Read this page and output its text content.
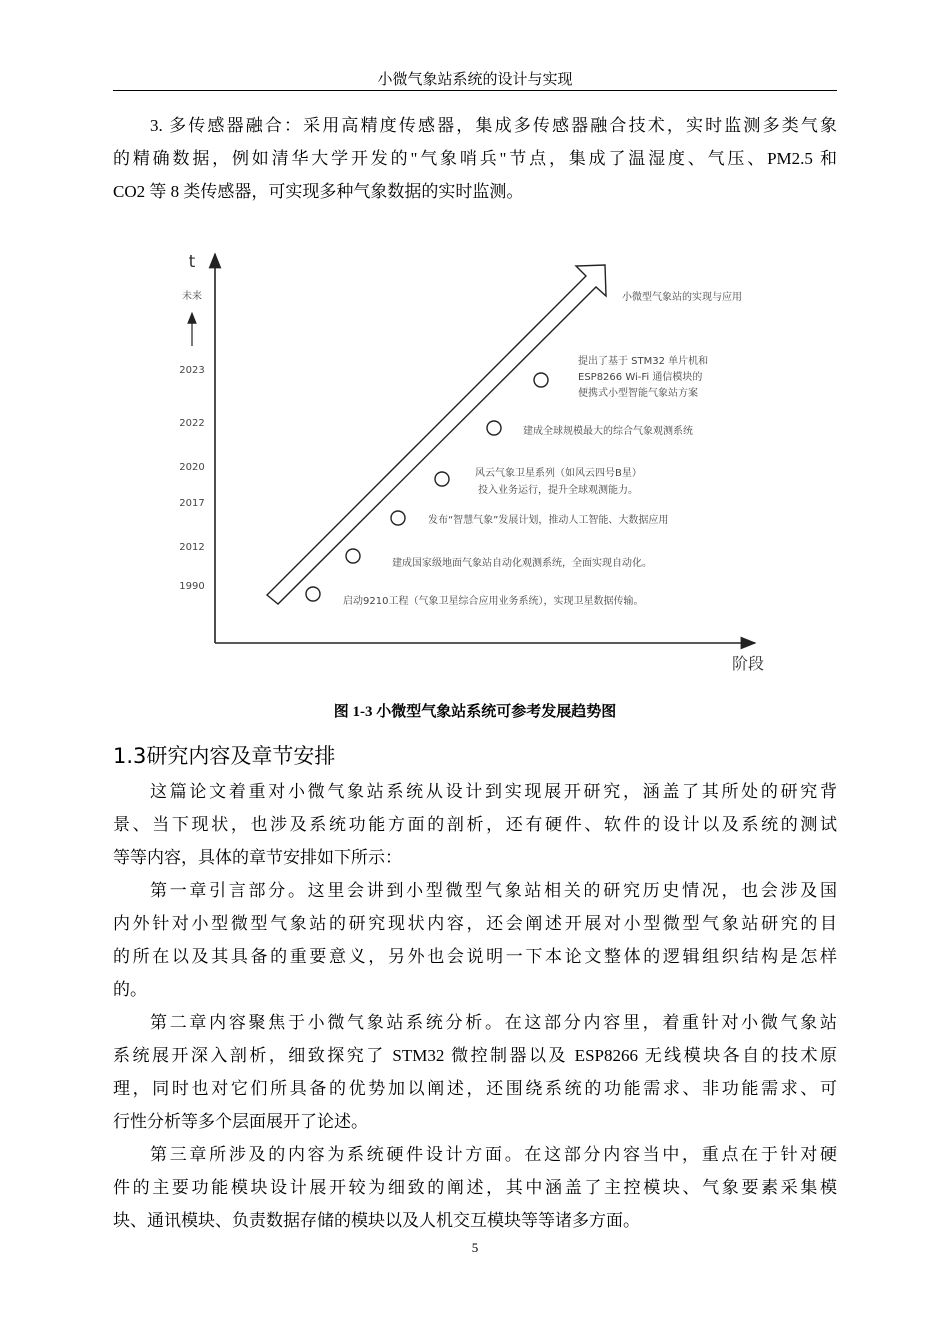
小微气象站系统的设计与实现
3. 多传感器融合：采用高精度传感器，集成多传感器融合技术，实时监测多类气象
的精确数据，例如清华大学开发的"气象哨兵"节点，集成了温湿度、气压、PM2.5 和
CO2 等 8 类传感器，可实现多种气象数据的实时监测。
t
未来
阶段
1990
2012
2017
2020
2022
2023
启动9210工程（气象卫星综合应用业务系统），实现卫星数据传输。
建成国家级地面气象站自动化观测系统，全面实现自动化。
发布“智慧气象”发展计划，推动人工智能、大数据应用
风云气象卫星系列（如风云四号B星）
投入业务运行，提升全球观测能力。
建成全球规模最大的综合气象观测系统
提出了基于 STM32 单片机和
ESP8266 Wi-Fi 通信模块的
便携式小型智能气象站方案
小微型气象站的实现与应用
图 1-3 小微型气象站系统可参考发展趋势图
1.3研究内容及章节安排
这篇论文着重对小微气象站系统从设计到实现展开研究，涵盖了其所处的研究背
景、当下现状，也涉及系统功能方面的剖析，还有硬件、软件的设计以及系统的测试
等等内容，具体的章节安排如下所示：
第一章引言部分。这里会讲到小型微型气象站相关的研究历史情况，也会涉及国
内外针对小型微型气象站的研究现状内容，还会阐述开展对小型微型气象站研究的目
的所在以及其具备的重要意义，另外也会说明一下本论文整体的逻辑组织结构是怎样
的。
第二章内容聚焦于小微气象站系统分析。在这部分内容里，着重针对小微气象站
系统展开深入剖析，细致探究了 STM32 微控制器以及 ESP8266 无线模块各自的技术原
理，同时也对它们所具备的优势加以阐述，还围绕系统的功能需求、非功能需求、可
行性分析等多个层面展开了论述。
第三章所涉及的内容为系统硬件设计方面。在这部分内容当中，重点在于针对硬
件的主要功能模块设计展开较为细致的阐述，其中涵盖了主控模块、气象要素采集模
块、通讯模块、负责数据存储的模块以及人机交互模块等等诸多方面。
5
